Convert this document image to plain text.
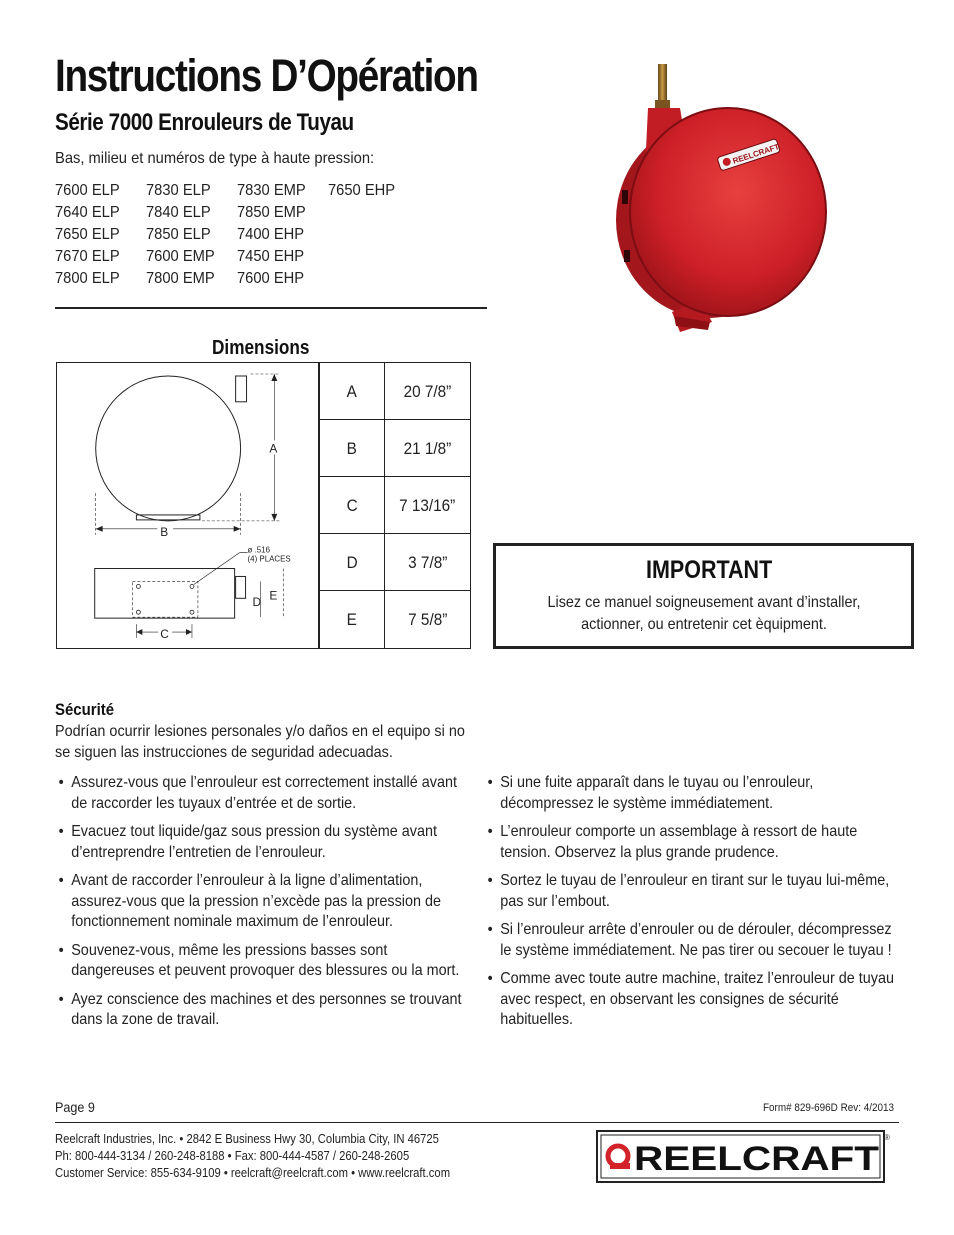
Instructions D’Opération
Série 7000 Enrouleurs de Tuyau
Bas, milieu et numéros de type à haute pression:
7600 ELP	7830 ELP	7830 EMP	7650 EHP
7640 ELP	7840 ELP	7850 EMP
7650 ELP	7850 ELP	7400 EHP
7670 ELP	7600 EMP	7450 EHP
7800 ELP	7800 EMP	7600 EHP
REELCRAFT
Dimensions
A
B
ø .516
(4) PLACES
D E
C
A	20 7/8”
B	21 1/8”
C 7 13/16”
D	3 7/8”
E	7 5/8”
IMPORTANT
Lisez ce manuel soigneusement avant d’installer, actionner, ou entretenir cet èquipment.
Sécurité
Podrían ocurrir lesiones personales y/o daños en el equipo si no se siguen las instrucciones de seguridad adecuadas.
• Assurez-vous que l’enrouleur est correctement installé avant de raccorder les tuyaux d’entrée et de sortie.
• Evacuez tout liquide/gaz sous pression du système avant d’entreprendre l’entretien de l’enrouleur.
• Avant de raccorder l’enrouleur à la ligne d’alimentation, assurez-vous que la pression n’excède pas la pression de fonctionnement nominale maximum de l’enrouleur.
• Souvenez-vous, même les pressions basses sont dangereuses et peuvent provoquer des blessures ou la mort.
• Ayez conscience des machines et des personnes se trouvant dans la zone de travail.
• Si une fuite apparaît dans le tuyau ou l’enrouleur, décompressez le système immédiatement.
• L’enrouleur comporte un assemblage à ressort de haute tension. Observez la plus grande prudence.
• Sortez le tuyau de l’enrouleur en tirant sur le tuyau lui-même, pas sur l’embout.
• Si l’enrouleur arrête d’enrouler ou de dérouler, décompressez le système immédiatement. Ne pas tirer ou secouer le tuyau !
• Comme avec toute autre machine, traitez l’enrouleur de tuyau avec respect, en observant les consignes de sécurité habituelles.
Page 9	Form# 829-696D Rev: 4/2013
Reelcraft Industries, Inc. • 2842 E Business Hwy 30, Columbia City, IN 46725
Ph: 800-444-3134 / 260-248-8188 • Fax: 800-444-4587 / 260-248-2605
Customer Service: 855-634-9109 • reelcraft@reelcraft.com • www.reelcraft.com	REELCRAFT
®
